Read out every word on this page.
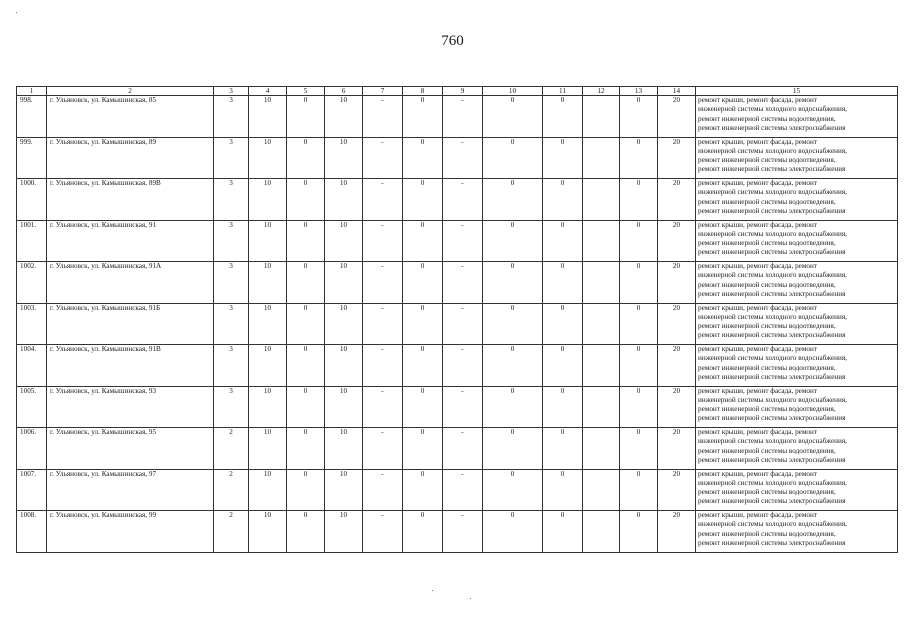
760
1	2	3	4	5	6	7	8	9	10	11	12	13	14	15
998.	г. Ульяновск, ул. Камышинская, 85	3	10	0	10	-	0	-	0	0		0	20	ремонт крыши, ремонт фасада, ремонт
инженерной системы холодного водоснабжения,
ремонт инженерной системы водоотведения,
ремонт инженерной системы электроснабжения

999.	г. Ульяновск, ул. Камышинская, 89	3	10	0	10	-	0	-	0	0		0	20	ремонт крыши, ремонт фасада, ремонт
инженерной системы холодного водоснабжения,
ремонт инженерной системы водоотведения,
ремонт инженерной системы электроснабжения

1000.	г. Ульяновск, ул. Камышинская, 89В	3	10	0	10	-	0	-	0	0		0	20	ремонт крыши, ремонт фасада, ремонт
инженерной системы холодного водоснабжения,
ремонт инженерной системы водоотведения,
ремонт инженерной системы электроснабжения

1001.	г. Ульяновск, ул. Камышинская, 91	3	10	0	10	-	0	-	0	0		0	20	ремонт крыши, ремонт фасада, ремонт
инженерной системы холодного водоснабжения,
ремонт инженерной системы водоотведения,
ремонт инженерной системы электроснабжения

1002.	г. Ульяновск, ул. Камышинская, 91А	3	10	0	10	-	0	-	0	0		0	20	ремонт крыши, ремонт фасада, ремонт
инженерной системы холодного водоснабжения,
ремонт инженерной системы водоотведения,
ремонт инженерной системы электроснабжения

1003.	г. Ульяновск, ул. Камышинская, 91Б	3	10	0	10	-	0	-	0	0		0	20	ремонт крыши, ремонт фасада, ремонт
инженерной системы холодного водоснабжения,
ремонт инженерной системы водоотведения,
ремонт инженерной системы электроснабжения

1004.	г. Ульяновск, ул. Камышинская, 91В	3	10	0	10	-	0	-	0	0		0	20	ремонт крыши, ремонт фасада, ремонт
инженерной системы холодного водоснабжения,
ремонт инженерной системы водоотведения,
ремонт инженерной системы электроснабжения

1005.	г. Ульяновск, ул. Камышинская, 93	3	10	0	10	-	0	-	0	0		0	20	ремонт крыши, ремонт фасада, ремонт
инженерной системы холодного водоснабжения,
ремонт инженерной системы водоотведения,
ремонт инженерной системы электроснабжения

1006.	г. Ульяновск, ул. Камышинская, 95	2	10	0	10	-	0	-	0	0		0	20	ремонт крыши, ремонт фасада, ремонт
инженерной системы холодного водоснабжения,
ремонт инженерной системы водоотведения,
ремонт инженерной системы электроснабжения

1007.	г. Ульяновск, ул. Камышинская, 97	2	10	0	10	-	0	-	0	0		0	20	ремонт крыши, ремонт фасада, ремонт
инженерной системы холодного водоснабжения,
ремонт инженерной системы водоотведения,
ремонт инженерной системы электроснабжения

1008.	г. Ульяновск, ул. Камышинская, 99	2	10	0	10	-	0	-	0	0		0	20	ремонт крыши, ремонт фасада, ремонт
инженерной системы холодного водоснабжения,
ремонт инженерной системы водоотведения,
ремонт инженерной системы электроснабжения
